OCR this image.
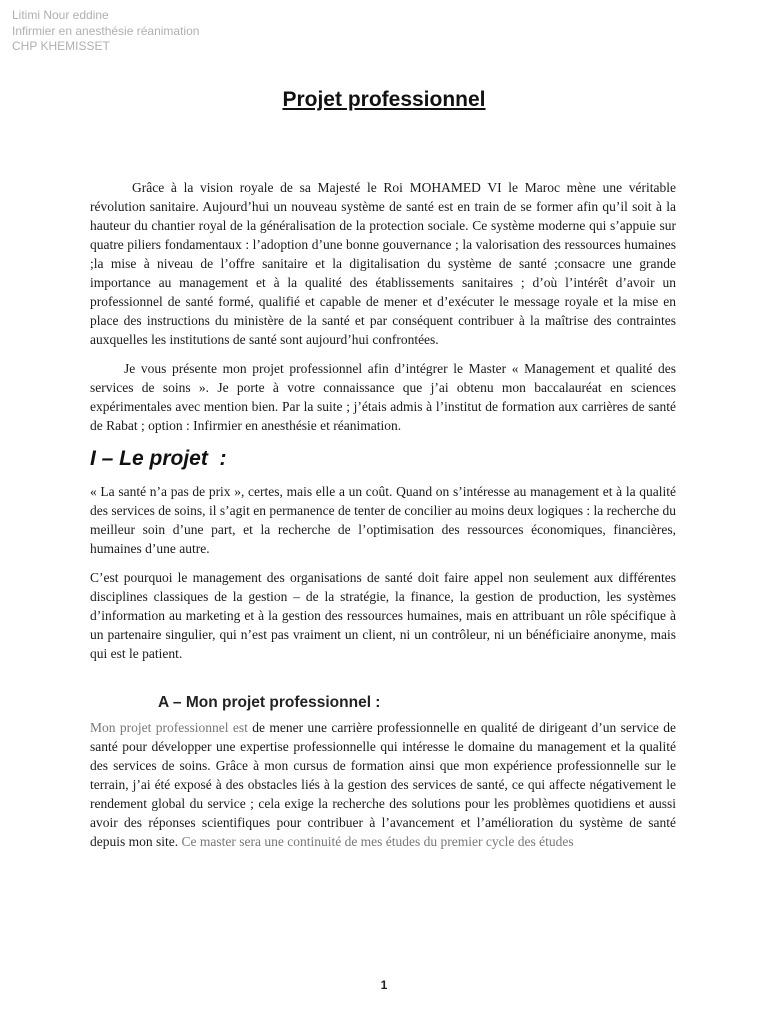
Litimi Nour eddine
Infirmier en anesthésie réanimation
CHP KHEMISSET
Projet professionnel

Grâce à la vision royale de sa Majesté le Roi MOHAMED VI le Maroc mène une véritable révolution sanitaire. Aujourd’hui un nouveau système de santé est en train de se former afin qu’il soit à la hauteur du chantier royal de la généralisation de la protection sociale. Ce système moderne qui s’appuie sur quatre piliers fondamentaux : l’adoption d’une bonne gouvernance ; la valorisation des ressources humaines ;la mise à niveau de l’offre sanitaire et la digitalisation du système de santé ;consacre une grande importance au management et à la qualité des établissements sanitaires ; d’où l’intérêt d’avoir un professionnel de santé formé, qualifié et capable de mener et d’exécuter le message royale et la mise en place des instructions du ministère de la santé et par conséquent contribuer à la maîtrise des contraintes auxquelles les institutions de santé sont aujourd’hui confrontées.

Je vous présente mon projet professionnel afin d’intégrer le Master « Management et qualité des services de soins ». Je porte à votre connaissance que j’ai obtenu mon baccalauréat en sciences expérimentales avec mention bien. Par la suite ; j’étais admis à l’institut de formation aux carrières de santé de Rabat ; option : Infirmier en anesthésie et réanimation.

I – Le projet  :

« La santé n’a pas de prix », certes, mais elle a un coût. Quand on s’intéresse au management et à la qualité des services de soins, il s’agit en permanence de tenter de concilier au moins deux logiques : la recherche du meilleur soin d’une part, et la recherche de l’optimisation des ressources économiques, financières, humaines d’une autre.

C’est pourquoi le management des organisations de santé doit faire appel non seulement aux différentes disciplines classiques de la gestion – de la stratégie, la finance, la gestion de production, les systèmes d’information au marketing et à la gestion des ressources humaines, mais en attribuant un rôle spécifique à un partenaire singulier, qui n’est pas vraiment un client, ni un contrôleur, ni un bénéficiaire anonyme, mais qui est le patient.

A – Mon projet professionnel :

Mon projet professionnel est de mener une carrière professionnelle en qualité de dirigeant d’un service de santé pour développer une expertise professionnelle qui intéresse le domaine du management et la qualité des services de soins. Grâce à mon cursus de formation ainsi que mon expérience professionnelle sur le terrain, j’ai été exposé à des obstacles liés à la gestion des services de santé, ce qui affecte négativement le rendement global du service ; cela exige la recherche des solutions pour les problèmes quotidiens et aussi avoir des réponses scientifiques pour contribuer à l’avancement et l’amélioration du système de santé depuis mon site. Ce master sera une continuité de mes études du premier cycle des études

1
